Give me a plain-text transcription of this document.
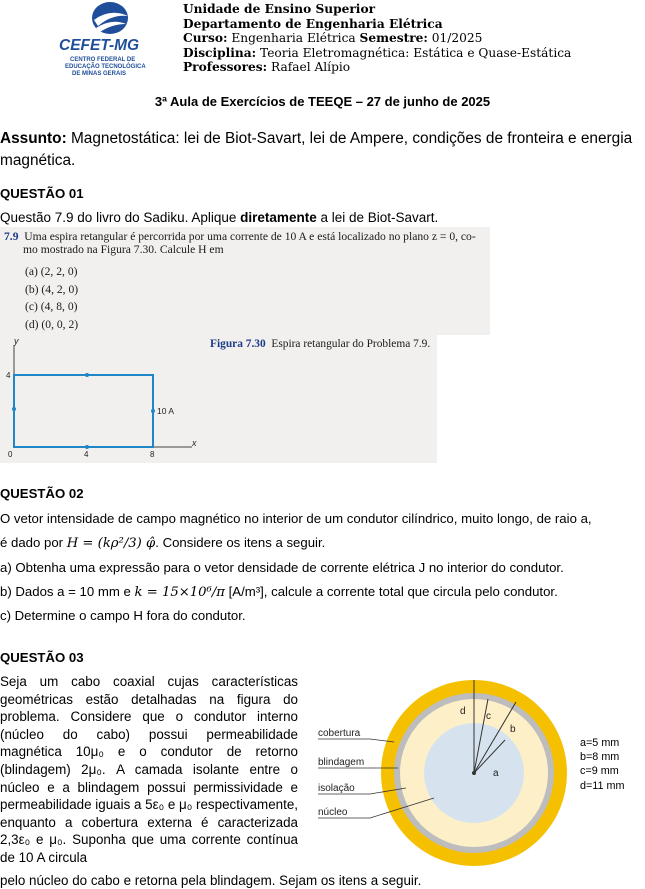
CEFET-MG
CENTRO FEDERAL DE
EDUCAÇÃO TECNOLÓGICA
DE MINAS GERAIS
Unidade de Ensino Superior
Departamento de Engenharia Elétrica
Curso: Engenharia Elétrica Semestre: 01/2025
Disciplina: Teoria Eletromagnética: Estática e Quase-Estática
Professores: Rafael Alípio
3ª Aula de Exercícios de TEEQE – 27 de junho de 2025
Assunto: Magnetostática: lei de Biot-Savart, lei de Ampere, condições de fronteira e energia magnética.
QUESTÃO 01
Questão 7.9 do livro do Sadiku. Aplique diretamente a lei de Biot-Savart.
7.9 Uma espira retangular é percorrida por uma corrente de 10 A e está localizado no plano z = 0, co-
mo mostrado na Figura 7.30. Calcule H em
(a) (2, 2, 0)
(b) (4, 2, 0)
(c) (4, 8, 0)
(d) (0, 0, 2)
Figura 7.30 Espira retangular do Problema 7.9.
y
x
4
0	4	8
10 A
QUESTÃO 02
O vetor intensidade de campo magnético no interior de um condutor cilíndrico, muito longo, de raio a,
é dado por H = (kρ²/3) φ̂. Considere os itens a seguir.
a) Obtenha uma expressão para o vetor densidade de corrente elétrica J no interior do condutor.
b) Dados a = 10 mm e k = 15×10⁶/π [A/m³], calcule a corrente total que circula pelo condutor.
c) Determine o campo H fora do condutor.
QUESTÃO 03
Seja um cabo coaxial cujas características geométricas estão detalhadas na figura do problema. Considere que o condutor interno (núcleo do cabo) possui permeabilidade magnética 10μ₀ e o condutor de retorno (blindagem) 2μ₀. A camada isolante entre o núcleo e a blindagem possui permissividade e permeabilidade iguais a 5ε₀ e μ₀ respectivamente, enquanto a cobertura externa é caracterizada 2,3ε₀ e μ₀. Suponha que uma corrente contínua de 10 A circula
pelo núcleo do cabo e retorna pela blindagem. Sejam os itens a seguir.
a
b
c
d
cobertura
blindagem
isolação
núcleo
a=5 mm
b=8 mm
c=9 mm
d=11 mm
